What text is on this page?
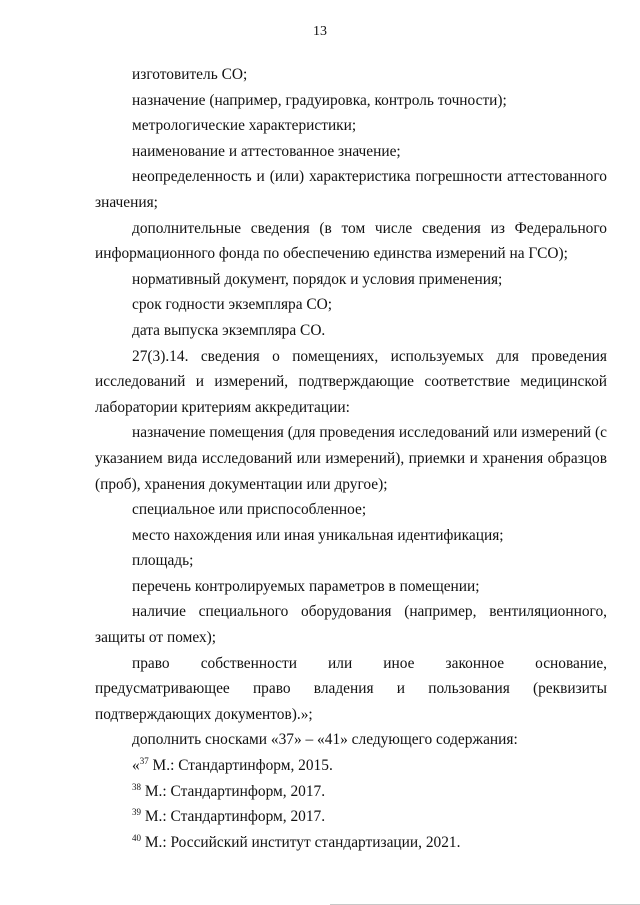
13

изготовитель СО;

назначение (например, градуировка, контроль точности);

метрологические характеристики;

наименование и аттестованное значение;

неопределенность и (или) характеристика погрешности аттестованного значения;

дополнительные сведения (в том числе сведения из Федерального информационного фонда по обеспечению единства измерений на ГСО);

нормативный документ, порядок и условия применения;

срок годности экземпляра СО;

дата выпуска экземпляра СО.

27(3).14. сведения о помещениях, используемых для проведения исследований и измерений, подтверждающие соответствие медицинской лаборатории критериям аккредитации:

назначение помещения (для проведения исследований или измерений (с указанием вида исследований или измерений), приемки и хранения образцов (проб), хранения документации или другое);

специальное или приспособленное;

место нахождения или иная уникальная идентификация;

площадь;

перечень контролируемых параметров в помещении;

наличие специального оборудования (например, вентиляционного, защиты от помех);

право собственности или иное законное основание, предусматривающее право владения и пользования (реквизиты подтверждающих документов).»;

дополнить сносками «37» – «41» следующего содержания:

«$^{37}$ М.: Стандартинформ, 2015.

$^{38}$ М.: Стандартинформ, 2017.

$^{39}$ М.: Стандартинформ, 2017.

$^{40}$ М.: Российский институт стандартизации, 2021.
